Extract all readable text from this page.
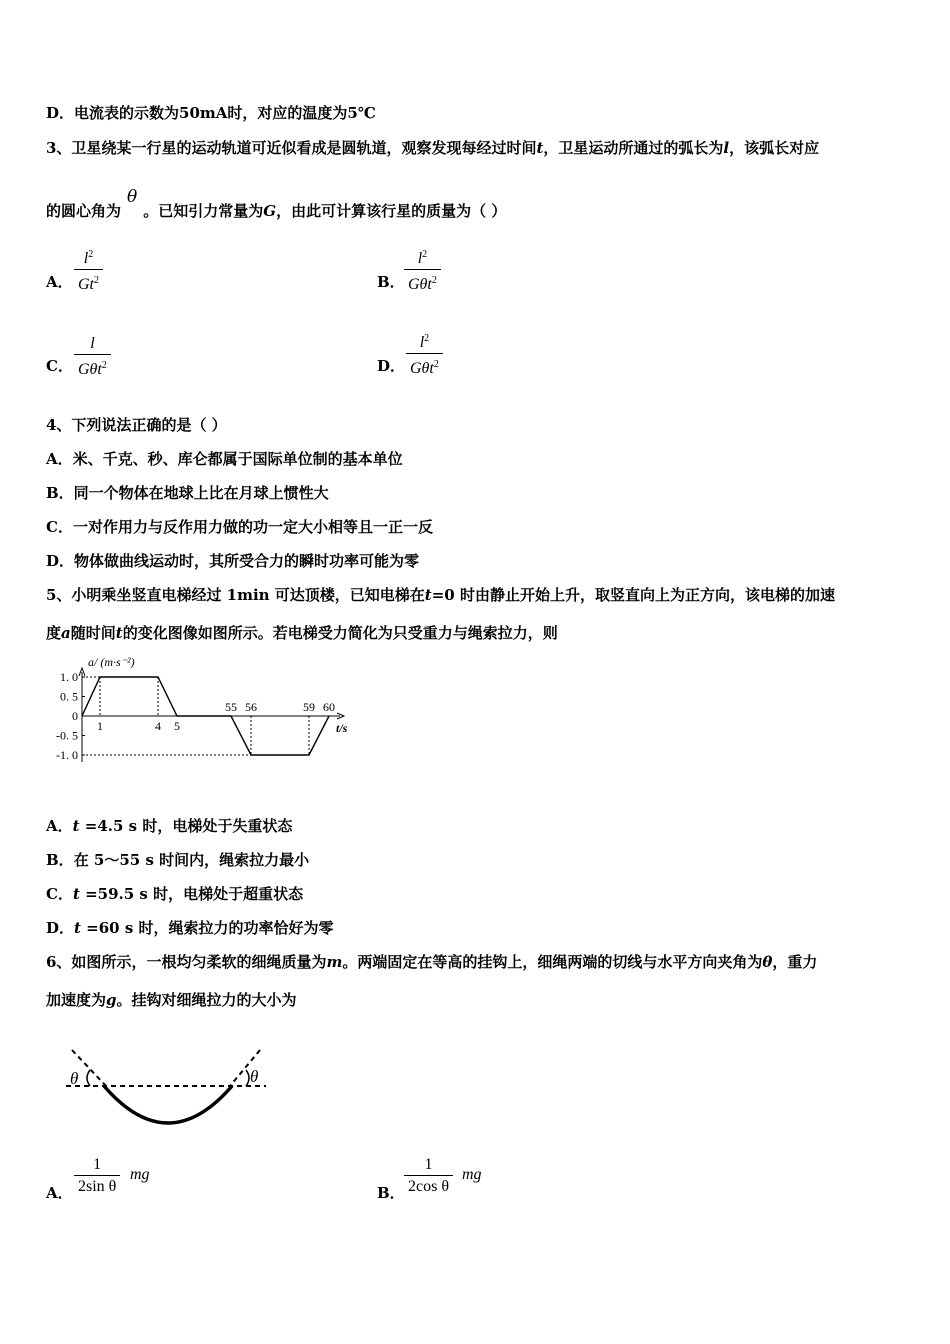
D．电流表的示数为50mA时，对应的温度为5℃
3、卫星绕某一行星的运动轨道可近似看成是圆轨道，观察发现每经过时间t，卫星运动所通过的弧长为l，该弧长对应
的圆心角为θ。已知引力常量为G，由此可计算该行星的质量为（ ）
A． $\frac{l^2}{Gt^2}$	B．
$l^2$
Gθt$^2$
C．
l
Gθt$^2$	D．
$l^2$
Gθt$^2$
4、下列说法正确的是（ ）
A．米、千克、秒、库仑都属于国际单位制的基本单位
B．同一个物体在地球上比在月球上惯性大
C．一对作用力与反作用力做的功一定大小相等且一正一反
D．物体做曲线运动时，其所受合力的瞬时功率可能为零
5、小明乘坐竖直电梯经过 1min 可达顶楼，已知电梯在t=0 时由静止开始上升，取竖直向上为正方向，该电梯的加速
度a随时间t的变化图像如图所示。若电梯受力简化为只受重力与绳索拉力，则
a/ (m·s⁻²)
t/s
1. 0
0. 5
0
-0. 5
-1. 0
1	4 5
55 56	59 60
A．t =4.5 s 时，电梯处于失重状态
B．在 5～55 s 时间内，绳索拉力最小
C．t =59.5 s 时，电梯处于超重状态
D．t =60 s 时，绳索拉力的功率恰好为零
6、如图所示，一根均匀柔软的细绳质量为m。两端固定在等高的挂钩上，细绳两端的切线与水平方向夹角为θ，重力
加速度为g。挂钩对细绳拉力的大小为
θ	θ
A． $\frac{1}{\text{2sin θ}}$ mg
B． $\frac{1}{\text{2cos θ}}$ mg
